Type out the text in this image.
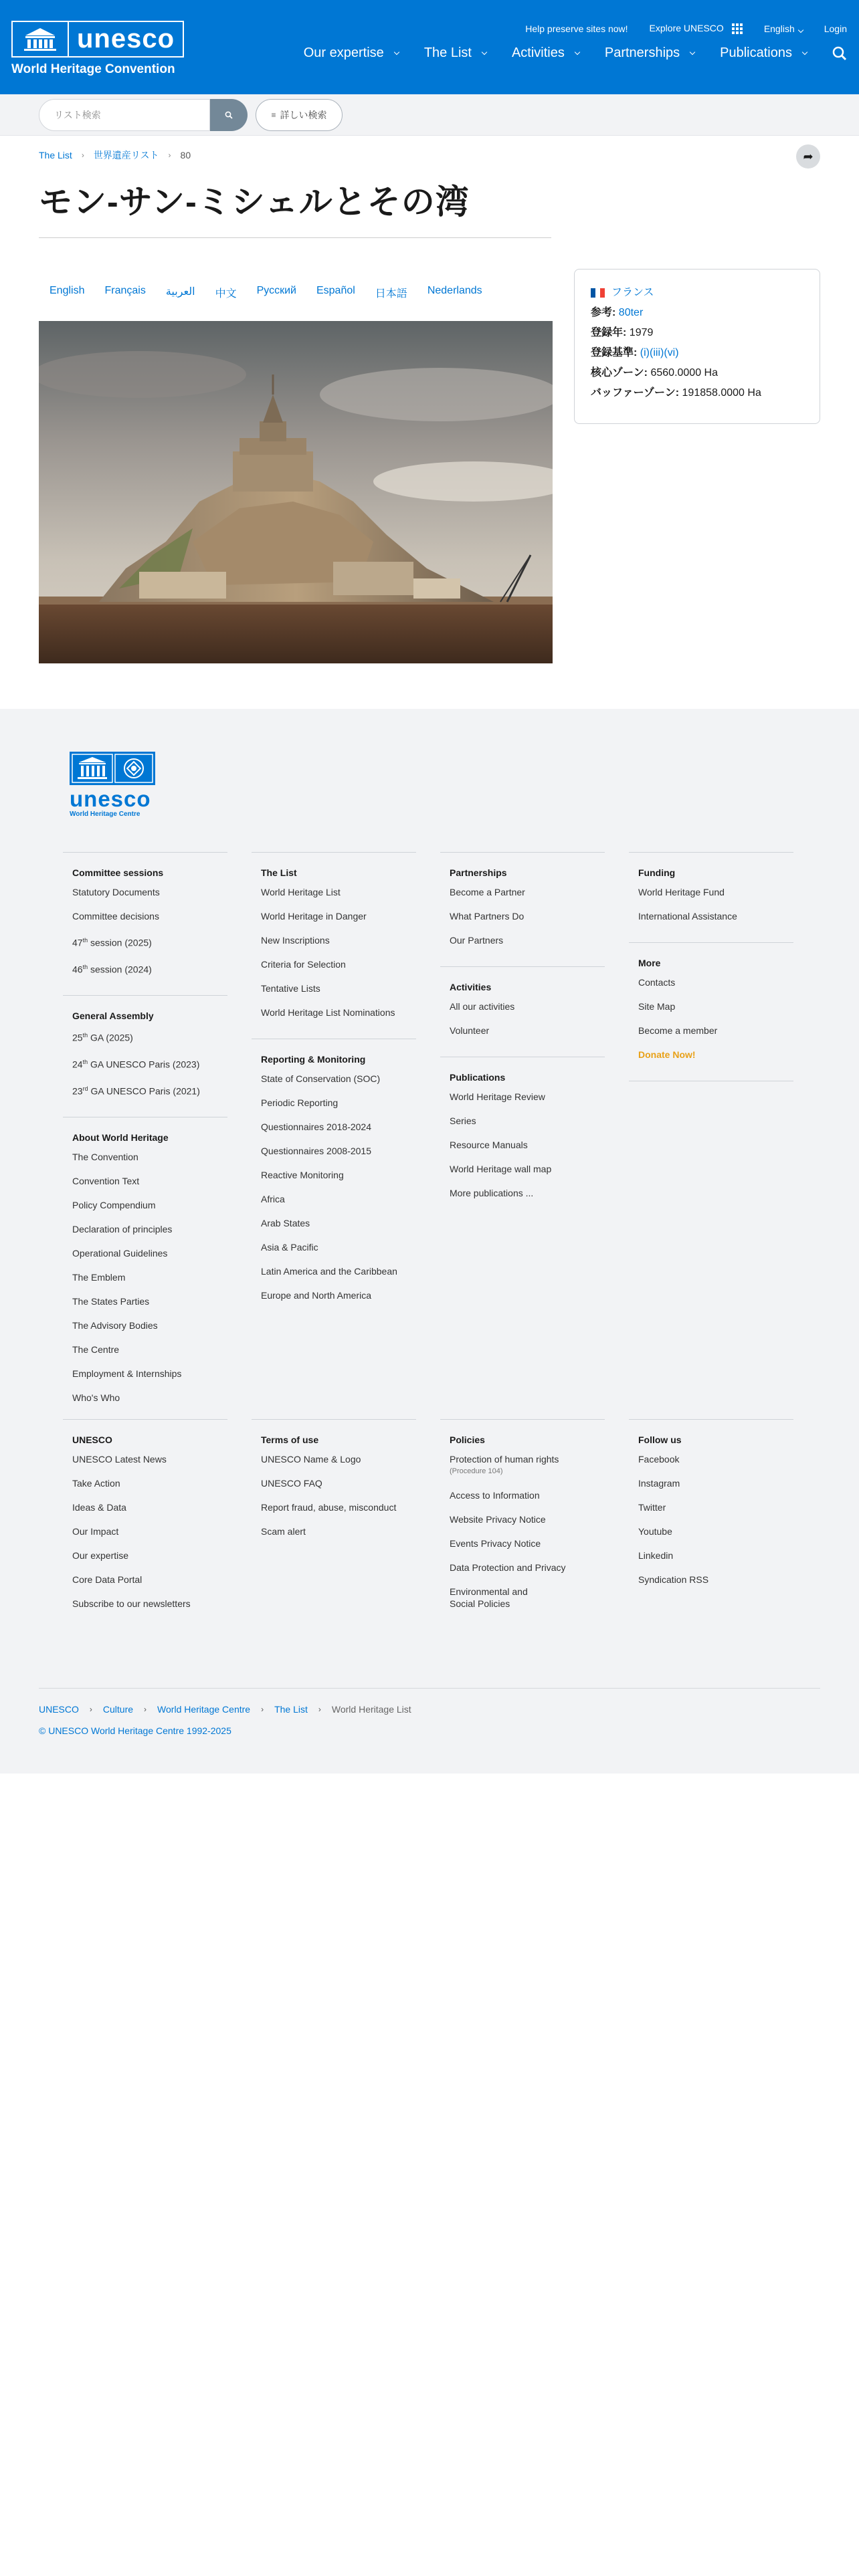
unesco
World Heritage Convention
Help preserve sites now! Explore UNESCO	English	Login
Our expertise	The List	Activities	Partnerships	Publications
リスト検索	≡ 詳しい検索
The List › 世界遺産リスト › 80	➦
モン-サン-ミシェルとその湾
English Français العربية 中文 Русский Español 日本語 Nederlands	フランス
参考: 80ter
登録年: 1979
登録基準: (i)(iii)(vi)
核心ゾーン: 6560.0000 Ha
バッファーゾーン: 191858.0000 Ha
unesco
World Heritage Centre
Committee sessions
Statutory Documents
Committee decisions
47th session (2025)
46th session (2024)
General Assembly
25th GA (2025)
24th GA UNESCO Paris (2023)
23rd GA UNESCO Paris (2021)
About World Heritage
The Convention
Convention Text
Policy Compendium
Declaration of principles
Operational Guidelines
The Emblem
The States Parties
The Advisory Bodies
The Centre
Employment & Internships
Who's Who
The List
World Heritage List
World Heritage in Danger
New Inscriptions
Criteria for Selection
Tentative Lists
World Heritage List Nominations
Reporting & Monitoring
State of Conservation (SOC)
Periodic Reporting
Questionnaires 2018-2024
Questionnaires 2008-2015
Reactive Monitoring
Africa
Arab States
Asia & Pacific
Latin America and the Caribbean
Europe and North America
Partnerships
Become a Partner
What Partners Do
Our Partners
Activities
All our activities
Volunteer
Publications
World Heritage Review
Series
Resource Manuals
World Heritage wall map
More publications ...
Funding
World Heritage Fund
International Assistance
More
Contacts
Site Map
Become a member
Donate Now!
UNESCO
UNESCO Latest News
Take Action
Ideas & Data
Our Impact
Our expertise
Core Data Portal
Subscribe to our newsletters
Terms of use
UNESCO Name & Logo
UNESCO FAQ
Report fraud, abuse, misconduct
Scam alert
Policies
Protection of human rights
(Procedure 104)
Access to Information
Website Privacy Notice
Events Privacy Notice
Data Protection and Privacy
Environmental and Social Policies
Follow us
Facebook
Instagram
Twitter
Youtube
Linkedin
Syndication RSS
UNESCO › Culture › World Heritage Centre › The List › World Heritage List
© UNESCO World Heritage Centre 1992-2025
